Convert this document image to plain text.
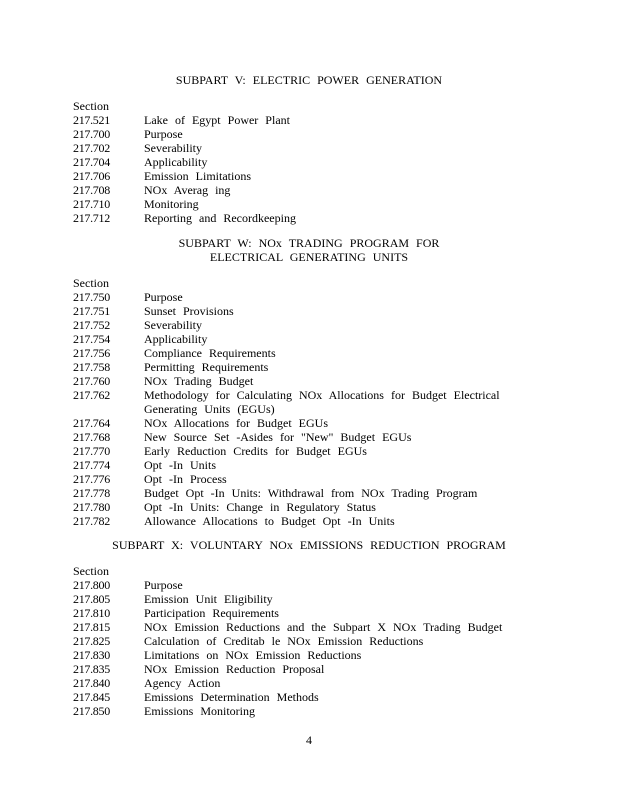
SUBPART V: ELECTRIC POWER GENERATION
Section
217.521	Lake of Egypt Power Plant
217.700	Purpose
217.702	Severability
217.704	Applicability
217.706	Emission Limitations
217.708	NOx Averag ing
217.710	Monitoring
217.712	Reporting and Recordkeeping
SUBPART W: NOx TRADING PROGRAM FOR
ELECTRICAL GENERATING UNITS
Section
217.750	Purpose
217.751	Sunset Provisions
217.752	Severability
217.754	Applicability
217.756	Compliance Requirements
217.758	Permitting Requirements
217.760	NOx Trading Budget
217.762	Methodology for Calculating NOx Allocations for Budget Electrical Generating Units (EGUs)
217.764	NOx Allocations for Budget EGUs
217.768	New Source Set -Asides for "New" Budget EGUs
217.770	Early Reduction Credits for Budget EGUs
217.774	Opt -In Units
217.776	Opt -In Process
217.778	Budget Opt -In Units: Withdrawal from NOx Trading Program
217.780	Opt -In Units: Change in Regulatory Status
217.782	Allowance Allocations to Budget Opt -In Units
SUBPART X: VOLUNTARY NOx EMISSIONS REDUCTION PROGRAM
Section
217.800	Purpose
217.805	Emission Unit Eligibility
217.810	Participation Requirements
217.815	NOx Emission Reductions and the Subpart X NOx Trading Budget
217.825	Calculation of Creditab le NOx Emission Reductions
217.830	Limitations on NOx Emission Reductions
217.835	NOx Emission Reduction Proposal
217.840	Agency Action
217.845	Emissions Determination Methods
217.850	Emissions Monitoring
4
